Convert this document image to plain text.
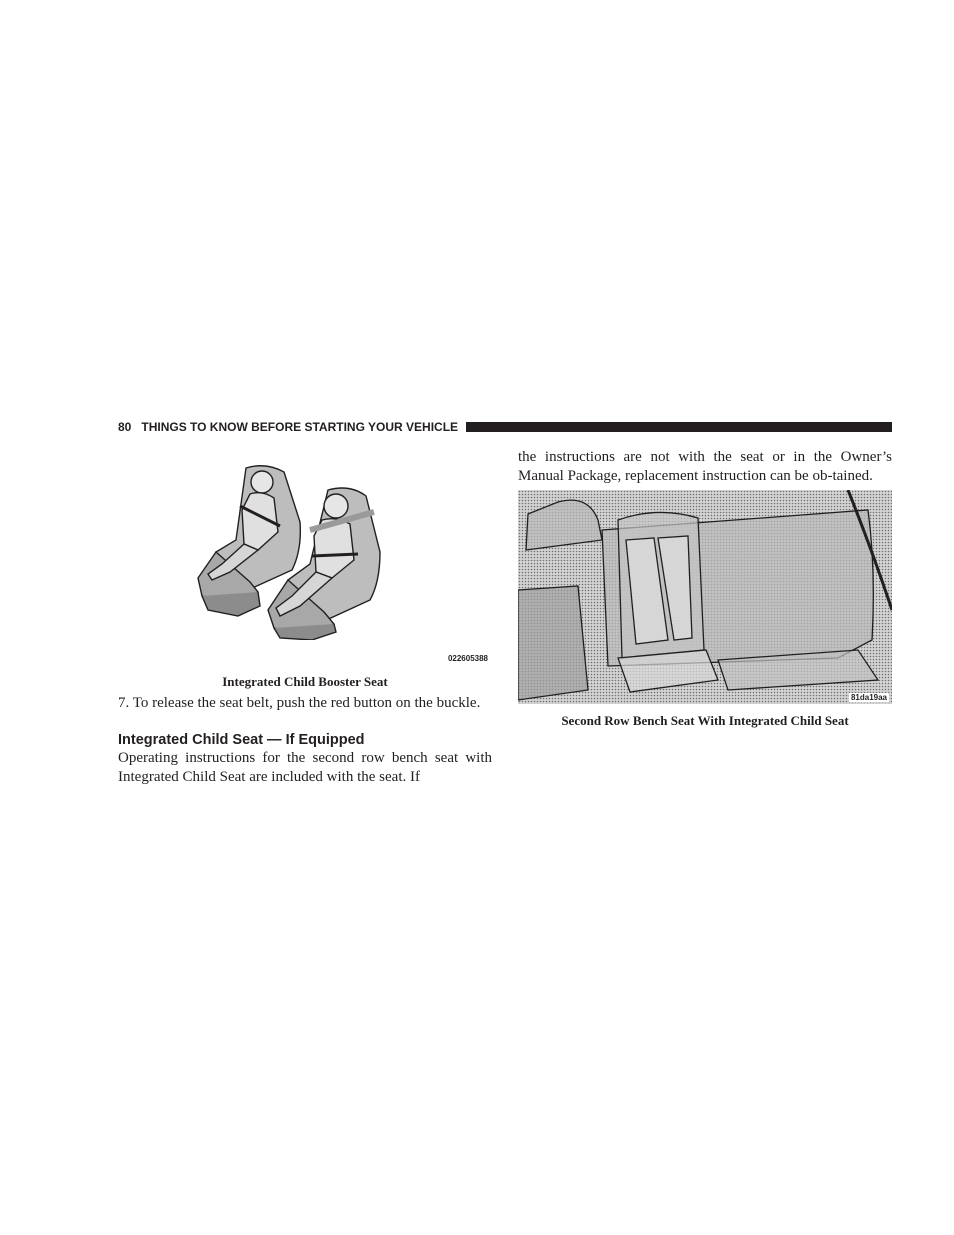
80 THINGS TO KNOW BEFORE STARTING YOUR VEHICLE
022605388
Integrated Child Booster Seat

7. To release the seat belt, push the red button on the buckle.

Integrated Child Seat — If Equipped

Operating instructions for the second row bench seat with Integrated Child Seat are included with the seat. If

the instructions are not with the seat or in the Owner’s Manual Package, replacement instruction can be ob-tained.

81da19aa
Second Row Bench Seat With Integrated Child Seat
